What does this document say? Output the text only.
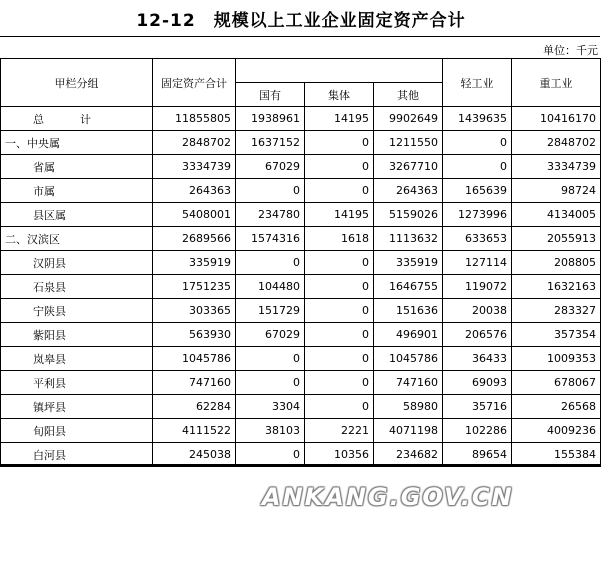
12-12 规模以上工业企业固定资产合计
单位：千元
甲栏分组	固定资产合计				轻工业	重工业
		国有	集体	其他		
总 计	11855805	1938961	14195	9902649	1439635	10416170
一、中央属	2848702	1637152	0	1211550	0	2848702
省属	3334739	67029	0	3267710	0	3334739
市属	264363	0	0	264363	165639	98724
县区属	5408001	234780	14195	5159026	1273996	4134005
二、汉滨区	2689566	1574316	1618	1113632	633653	2055913
汉阴县	335919	0	0	335919	127114	208805
石泉县	1751235	104480	0	1646755	119072	1632163
宁陕县	303365	151729	0	151636	20038	283327
紫阳县	563930	67029	0	496901	206576	357354
岚皋县	1045786	0	0	1045786	36433	1009353
平利县	747160	0	0	747160	69093	678067
镇坪县	62284	3304	0	58980	35716	26568
旬阳县	4111522	38103	2221	4071198	102286	4009236
白河县	245038	0	10356	234682	89654	155384
ANKANG.GOV.CN
